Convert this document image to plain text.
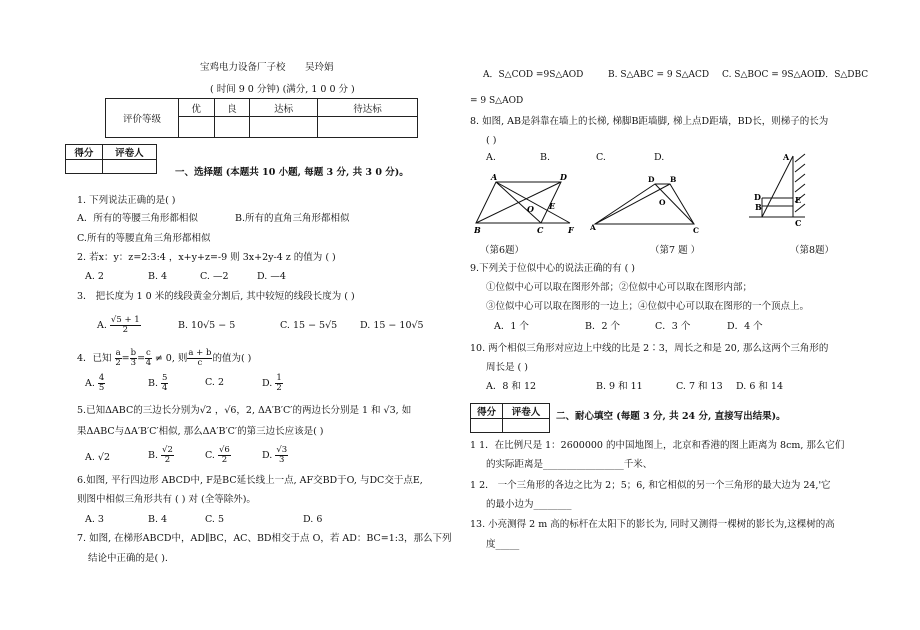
宝鸡电力设备厂子校 吴玲娟
( 时间 9 0 分钟) (满分, 1 0 0 分 )
评价等级	优	良	达标	待达标

得分	评卷人

一、选择题 (本题共 10 小题, 每题 3 分, 共 3 0 分)。
1. 下列说法正确的是( )
A．所有的等腰三角形都相似	B.所有的直角三角形都相似
C.所有的等腰直角三角形都相似
2. 若x：y：z=2:3:4 ，x+y+z=-9 则 3x+2y-4 z 的值为 ( )
A. 2	B. 4	C. —2	D. —4
3． 把长度为 1 0 米的线段黄金分割后, 其中较短的线段长度为 ( )
A. $\frac{√5 + 1}{2}$	B. 10√5 − 5	C. 15 − 5√5 D. 15 − 10√5
4．已知 $\frac{a}{2} = \frac{b}{3} = \frac{c}{4} \ne 0$, 则 $\frac{a + b}{c}$ 的值为( )
A. $\frac{4}{5}$	B. $\frac{5}{4}$	C. 2	D. $\frac{1}{2}$
5.已知ΔABC的三边长分别为√2 ，√6，2, ΔA′B′C′的两边长分别是 1 和 √3, 如
果ΔABC与ΔA′B′C′相似, 那么ΔA′B′C′的第三边长应该是( )
A. √2	B. $\frac{√2}{2}$	C. $\frac{√6}{2}$	D. $\frac{√3}{3}$
6.如图, 平行四边形 ABCD中, F是BC延长线上一点, AF交BD于O, 与DC交于点E,
则图中相似三角形共有 ( ) 对 (全等除外)。
A. 3	B. 4	C. 5	D. 6
7. 如图, 在梯形ABCD中，AD∥BC，AC、BD相交于点 O，若 AD：BC=1:3，那么下列
结论中正确的是( ).
A．S△COD =9S△AOD	B. S△ABC = 9 S△ACD C. S△BOC = 9S△AOD
D．S△DBC
= 9 S△AOD
8. 如图, AB是斜靠在墙上的长梯, 梯脚B距墙脚, 梯上点D距墙，BD长，则梯子的长为
( )
A.	B.	C.	D.
A
B	C
D
E
F
O
A
B
C
D
O
A
B
C
D	E
（第6题）	（第7 题 ）	（第8题）
9.下列关于位似中心的说法正确的有 ( )
①位似中心可以取在图形外部；②位似中心可以取在图形内部；
③位似中心可以取在图形的一边上；④位似中心可以取在图形的一个顶点上。
A．1 个	B．2 个	C．3 个	D．4 个
10. 两个相似三角形对应边上中线的比是 2∶3，周长之和是 20, 那么这两个三角形的
周长是 ( )
A．8 和 12	B. 9 和 11	C. 7 和 13 D. 6 和 14
得分	评卷人
	二、耐心填空 (每题 3 分, 共 24 分, 直接写出结果)。
1 1．在比例尺是 1：2600000 的中国地图上，北京和香港的图上距离为 8cm, 那么它们
的实际距离是_________________千米、
1 2． 一个三角形的各边之比为 2；5；6, 和它相似的另一个三角形的最大边为 24,'它
的最小边为________
13. 小亮测得 2 m 高的标杆在太阳下的影长为, 同时又测得一棵树的影长为,这棵树的高
度_____
